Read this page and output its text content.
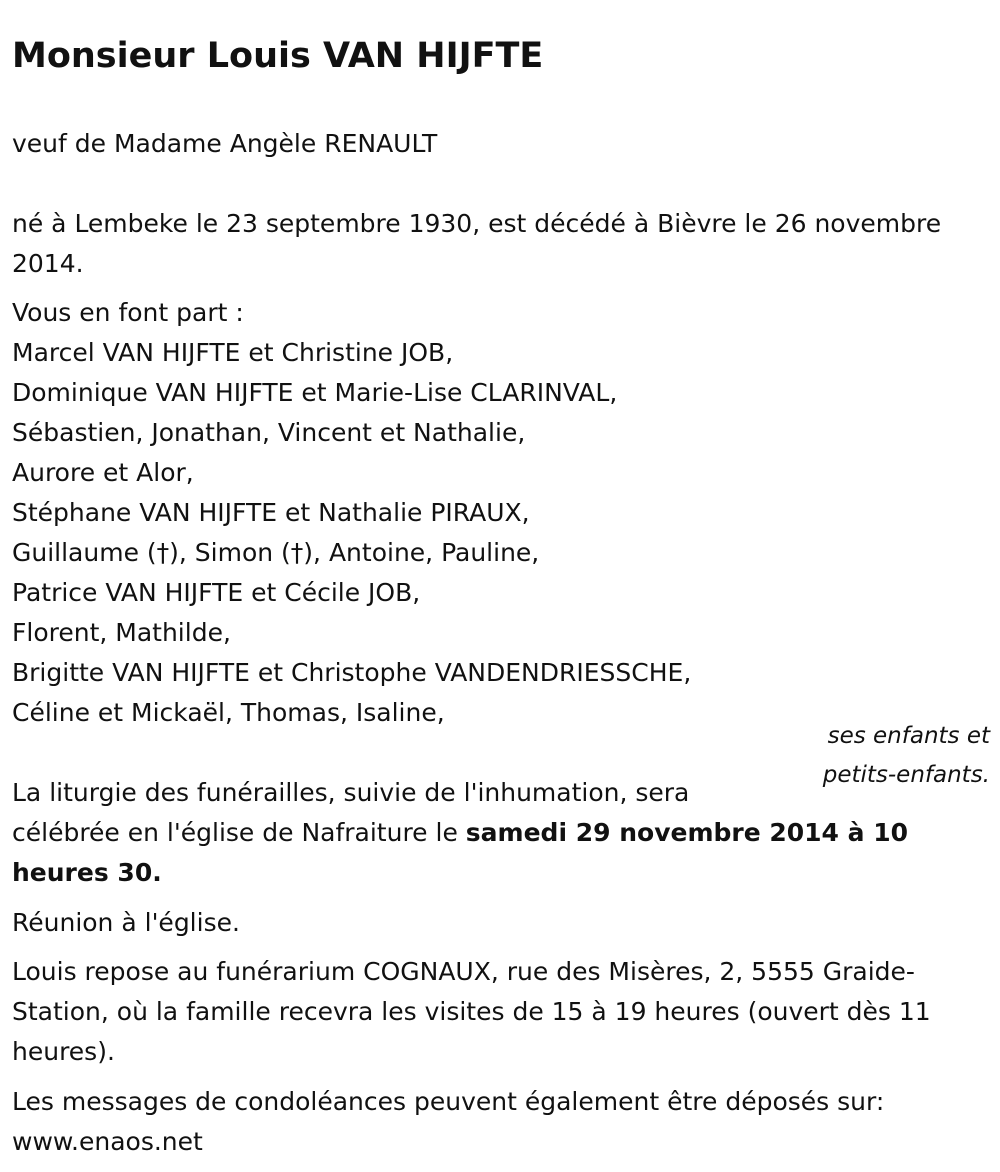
Monsieur Louis VAN HIJFTE

veuf de Madame Angèle RENAULT

né à Lembeke le 23 septembre 1930, est décédé à Bièvre le 26 novembre

2014.

Vous en font part :

Marcel VAN HIJFTE et Christine JOB,

Dominique VAN HIJFTE et Marie-Lise CLARINVAL,

Sébastien, Jonathan, Vincent et Nathalie,

Aurore et Alor,

Stéphane VAN HIJFTE et Nathalie PIRAUX,

Guillaume (†), Simon (†), Antoine, Pauline,

Patrice VAN HIJFTE et Cécile JOB,

Florent, Mathilde,

Brigitte VAN HIJFTE et Christophe VANDENDRIESSCHE,

Céline et Mickaël, Thomas, Isaline,

ses enfants et
petits-enfants.

La liturgie des funérailles, suivie de l'inhumation, sera

célébrée en l'église de Nafraiture le samedi 29 novembre 2014 à 10

heures 30.

Réunion à l'église.

Louis repose au funérarium COGNAUX, rue des Misères, 2, 5555 Graide-

Station, où la famille recevra les visites de 15 à 19 heures (ouvert dès 11

heures).

Les messages de condoléances peuvent également être déposés sur:

www.enaos.net
